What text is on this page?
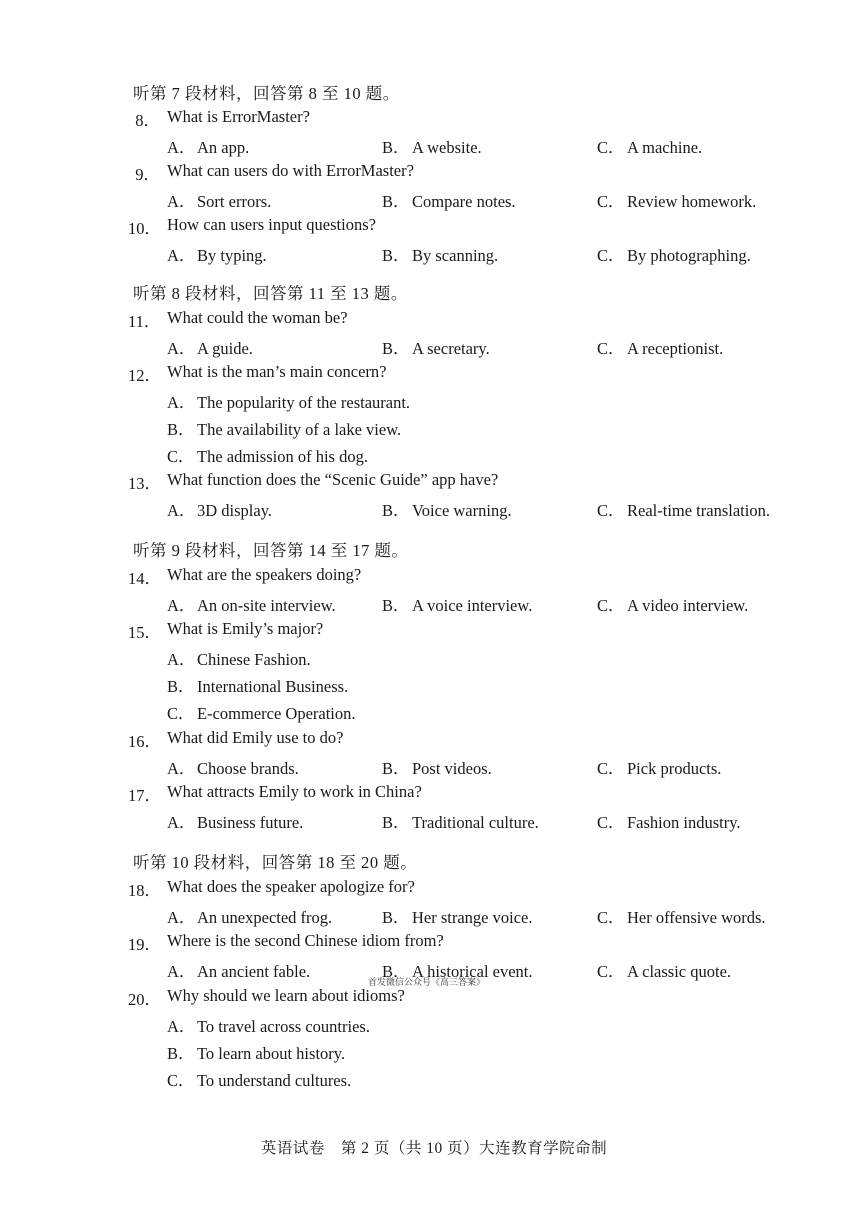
听第 7 段材料，回答第 8 至 10 题。
8． What is ErrorMaster?
A．An app.	B． A website.	C． A machine.
9． What can users do with ErrorMaster?
A．Sort errors.	B． Compare notes.	C． Review homework.
10． How can users input questions?
A．By typing.	B． By scanning.	C． By photographing.
听第 8 段材料，回答第 11 至 13 题。
11． What could the woman be?
A．A guide.	B． A secretary.	C． A receptionist.
12． What is the man’s main concern?
A．The popularity of the restaurant.
B． The availability of a lake view.
C． The admission of his dog.
13． What function does the “Scenic Guide” app have?
A．3D display.	B． Voice warning.	C． Real-time translation.
听第 9 段材料，回答第 14 至 17 题。
14． What are the speakers doing?
A．An on-site interview.	B． A voice interview.	C． A video interview.
15． What is Emily’s major?
A．Chinese Fashion.
B． International Business.
C． E-commerce Operation.
16． What did Emily use to do?
A．Choose brands.	B． Post videos.	C． Pick products.
17． What attracts Emily to work in China?
A．Business future.	B． Traditional culture.	C． Fashion industry.
听第 10 段材料，回答第 18 至 20 题。
18． What does the speaker apologize for?
A．An unexpected frog.	B． Her strange voice.	C． Her offensive words.
19． Where is the second Chinese idiom from?
A．An ancient fable.	B． A historical event.	C． A classic quote.
首发微信公众号《高三答案》
20． Why should we learn about idioms?
A．To travel across countries.
B． To learn about history.
C． To understand cultures.
英语试卷　第 2 页（共 10 页）大连教育学院命制
